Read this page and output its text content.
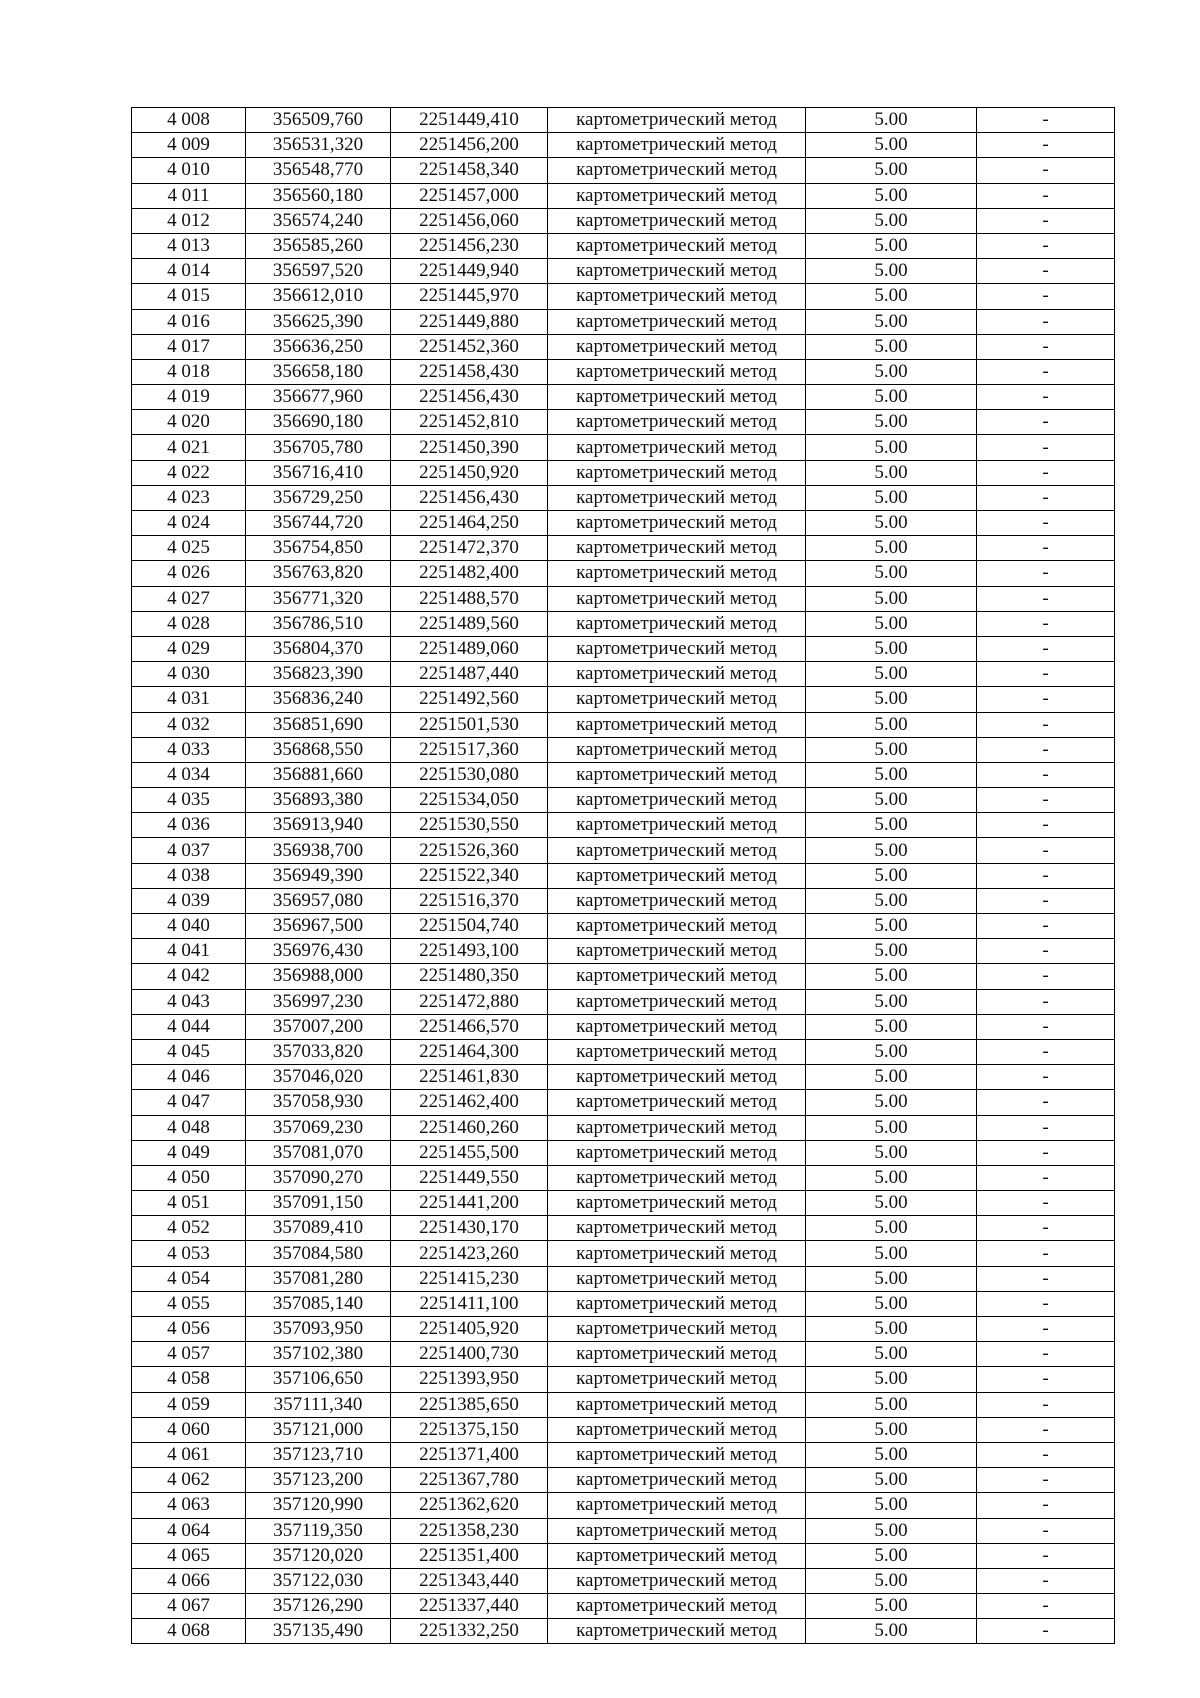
4 008	356509,760	2251449,410	картометрический метод	5.00	-
4 009	356531,320	2251456,200	картометрический метод	5.00	-
4 010	356548,770	2251458,340	картометрический метод	5.00	-
4 011	356560,180	2251457,000	картометрический метод	5.00	-
4 012	356574,240	2251456,060	картометрический метод	5.00	-
4 013	356585,260	2251456,230	картометрический метод	5.00	-
4 014	356597,520	2251449,940	картометрический метод	5.00	-
4 015	356612,010	2251445,970	картометрический метод	5.00	-
4 016	356625,390	2251449,880	картометрический метод	5.00	-
4 017	356636,250	2251452,360	картометрический метод	5.00	-
4 018	356658,180	2251458,430	картометрический метод	5.00	-
4 019	356677,960	2251456,430	картометрический метод	5.00	-
4 020	356690,180	2251452,810	картометрический метод	5.00	-
4 021	356705,780	2251450,390	картометрический метод	5.00	-
4 022	356716,410	2251450,920	картометрический метод	5.00	-
4 023	356729,250	2251456,430	картометрический метод	5.00	-
4 024	356744,720	2251464,250	картометрический метод	5.00	-
4 025	356754,850	2251472,370	картометрический метод	5.00	-
4 026	356763,820	2251482,400	картометрический метод	5.00	-
4 027	356771,320	2251488,570	картометрический метод	5.00	-
4 028	356786,510	2251489,560	картометрический метод	5.00	-
4 029	356804,370	2251489,060	картометрический метод	5.00	-
4 030	356823,390	2251487,440	картометрический метод	5.00	-
4 031	356836,240	2251492,560	картометрический метод	5.00	-
4 032	356851,690	2251501,530	картометрический метод	5.00	-
4 033	356868,550	2251517,360	картометрический метод	5.00	-
4 034	356881,660	2251530,080	картометрический метод	5.00	-
4 035	356893,380	2251534,050	картометрический метод	5.00	-
4 036	356913,940	2251530,550	картометрический метод	5.00	-
4 037	356938,700	2251526,360	картометрический метод	5.00	-
4 038	356949,390	2251522,340	картометрический метод	5.00	-
4 039	356957,080	2251516,370	картометрический метод	5.00	-
4 040	356967,500	2251504,740	картометрический метод	5.00	-
4 041	356976,430	2251493,100	картометрический метод	5.00	-
4 042	356988,000	2251480,350	картометрический метод	5.00	-
4 043	356997,230	2251472,880	картометрический метод	5.00	-
4 044	357007,200	2251466,570	картометрический метод	5.00	-
4 045	357033,820	2251464,300	картометрический метод	5.00	-
4 046	357046,020	2251461,830	картометрический метод	5.00	-
4 047	357058,930	2251462,400	картометрический метод	5.00	-
4 048	357069,230	2251460,260	картометрический метод	5.00	-
4 049	357081,070	2251455,500	картометрический метод	5.00	-
4 050	357090,270	2251449,550	картометрический метод	5.00	-
4 051	357091,150	2251441,200	картометрический метод	5.00	-
4 052	357089,410	2251430,170	картометрический метод	5.00	-
4 053	357084,580	2251423,260	картометрический метод	5.00	-
4 054	357081,280	2251415,230	картометрический метод	5.00	-
4 055	357085,140	2251411,100	картометрический метод	5.00	-
4 056	357093,950	2251405,920	картометрический метод	5.00	-
4 057	357102,380	2251400,730	картометрический метод	5.00	-
4 058	357106,650	2251393,950	картометрический метод	5.00	-
4 059	357111,340	2251385,650	картометрический метод	5.00	-
4 060	357121,000	2251375,150	картометрический метод	5.00	-
4 061	357123,710	2251371,400	картометрический метод	5.00	-
4 062	357123,200	2251367,780	картометрический метод	5.00	-
4 063	357120,990	2251362,620	картометрический метод	5.00	-
4 064	357119,350	2251358,230	картометрический метод	5.00	-
4 065	357120,020	2251351,400	картометрический метод	5.00	-
4 066	357122,030	2251343,440	картометрический метод	5.00	-
4 067	357126,290	2251337,440	картометрический метод	5.00	-
4 068	357135,490	2251332,250	картометрический метод	5.00	-
